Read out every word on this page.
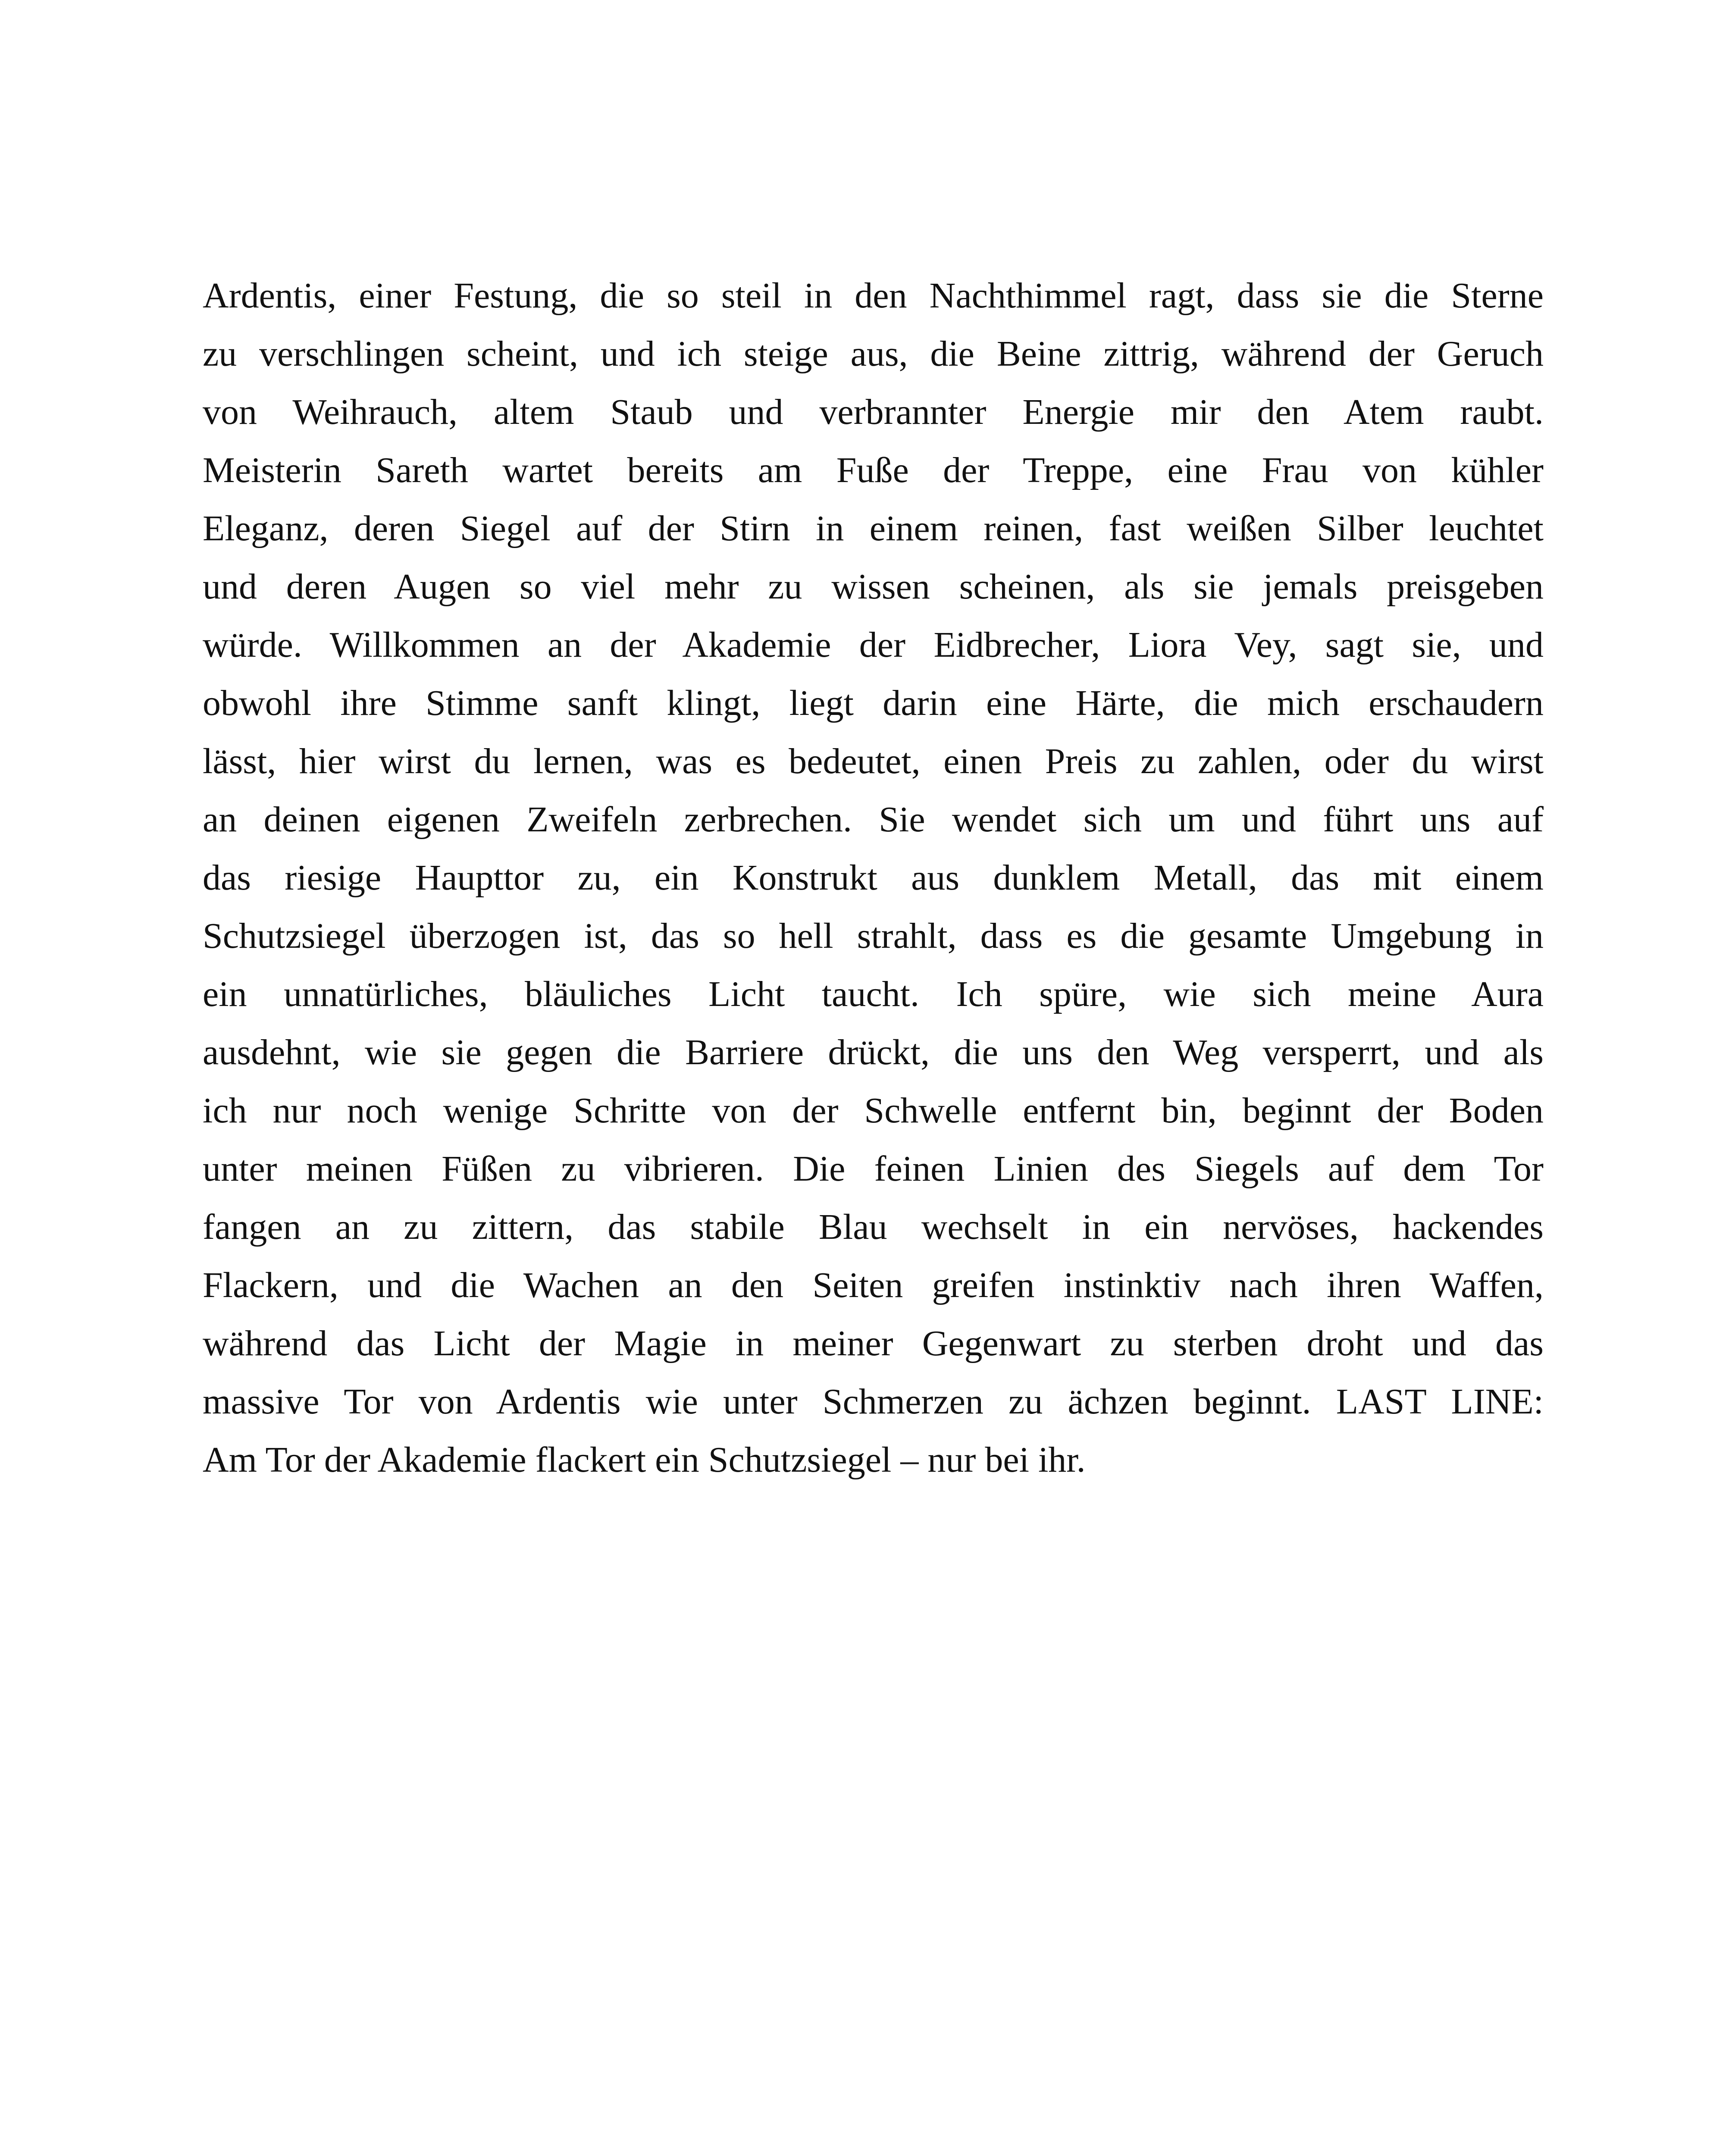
Ardentis, einer Festung, die so steil in den Nachthimmel ragt, dass sie die Sterne
zu verschlingen scheint, und ich steige aus, die Beine zittrig, während der Geruch
von Weihrauch, altem Staub und verbrannter Energie mir den Atem raubt.
Meisterin Sareth wartet bereits am Fuße der Treppe, eine Frau von kühler
Eleganz, deren Siegel auf der Stirn in einem reinen, fast weißen Silber leuchtet
und deren Augen so viel mehr zu wissen scheinen, als sie jemals preisgeben
würde. Willkommen an der Akademie der Eidbrecher, Liora Vey, sagt sie, und
obwohl ihre Stimme sanft klingt, liegt darin eine Härte, die mich erschaudern
lässt, hier wirst du lernen, was es bedeutet, einen Preis zu zahlen, oder du wirst
an deinen eigenen Zweifeln zerbrechen. Sie wendet sich um und führt uns auf
das riesige Haupttor zu, ein Konstrukt aus dunklem Metall, das mit einem
Schutzsiegel überzogen ist, das so hell strahlt, dass es die gesamte Umgebung in
ein unnatürliches, bläuliches Licht taucht. Ich spüre, wie sich meine Aura
ausdehnt, wie sie gegen die Barriere drückt, die uns den Weg versperrt, und als
ich nur noch wenige Schritte von der Schwelle entfernt bin, beginnt der Boden
unter meinen Füßen zu vibrieren. Die feinen Linien des Siegels auf dem Tor
fangen an zu zittern, das stabile Blau wechselt in ein nervöses, hackendes
Flackern, und die Wachen an den Seiten greifen instinktiv nach ihren Waffen,
während das Licht der Magie in meiner Gegenwart zu sterben droht und das
massive Tor von Ardentis wie unter Schmerzen zu ächzen beginnt. LAST LINE:
Am Tor der Akademie flackert ein Schutzsiegel – nur bei ihr.
